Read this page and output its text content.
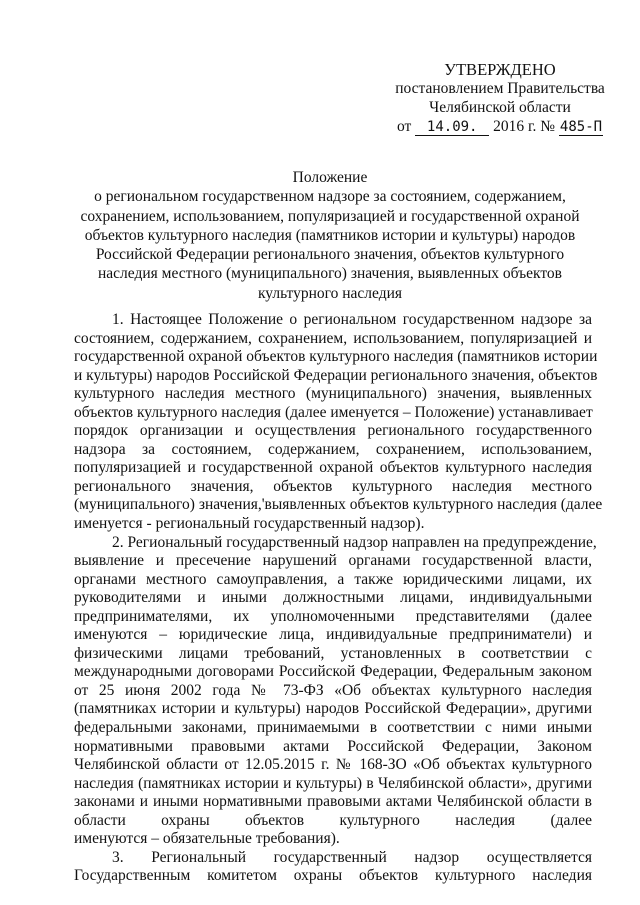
УТВЕРЖДЕНО
постановлением Правительства
Челябинской области
от 14.09. 2016 г. № 485-П
Положение
о региональном государственном надзоре за состоянием, содержанием,
сохранением, использованием, популяризацией и государственной охраной
объектов культурного наследия (памятников истории и культуры) народов
Российской Федерации регионального значения, объектов культурного
наследия местного (муниципального) значения, выявленных объектов
культурного наследия
1. Настоящее Положение о региональном государственном надзоре за
состоянием, содержанием, сохранением, использованием, популяризацией и
государственной охраной объектов культурного наследия (памятников истории
и культуры) народов Российской Федерации регионального значения, объектов
культурного наследия местного (муниципального) значения, выявленных
объектов культурного наследия (далее именуется – Положение) устанавливает
порядок организации и осуществления регионального государственного
надзора за состоянием, содержанием, сохранением, использованием,
популяризацией и государственной охраной объектов культурного наследия
регионального значения, объектов культурного наследия местного
(муниципального) значения,'выявленных объектов культурного наследия (далее
именуется - региональный государственный надзор).
2. Региональный государственный надзор направлен на предупреждение,
выявление и пресечение нарушений органами государственной власти,
органами местного самоуправления, а также юридическими лицами, их
руководителями и иными должностными лицами, индивидуальными
предпринимателями, их уполномоченными представителями (далее
именуются – юридические лица, индивидуальные предприниматели) и
физическими лицами требований, установленных в соответствии с
международными договорами Российской Федерации, Федеральным законом
от 25 июня 2002 года № 73-ФЗ «Об объектах культурного наследия
(памятниках истории и культуры) народов Российской Федерации», другими
федеральными законами, принимаемыми в соответствии с ними иными
нормативными правовыми актами Российской Федерации, Законом
Челябинской области от 12.05.2015 г. № 168-ЗО «Об объектах культурного
наследия (памятниках истории и культуры) в Челябинской области», другими
законами и иными нормативными правовыми актами Челябинской области в
области охраны объектов культурного наследия (далее
именуются – обязательные требования).
3. Региональный государственный надзор осуществляется
Государственным комитетом охраны объектов культурного наследия
